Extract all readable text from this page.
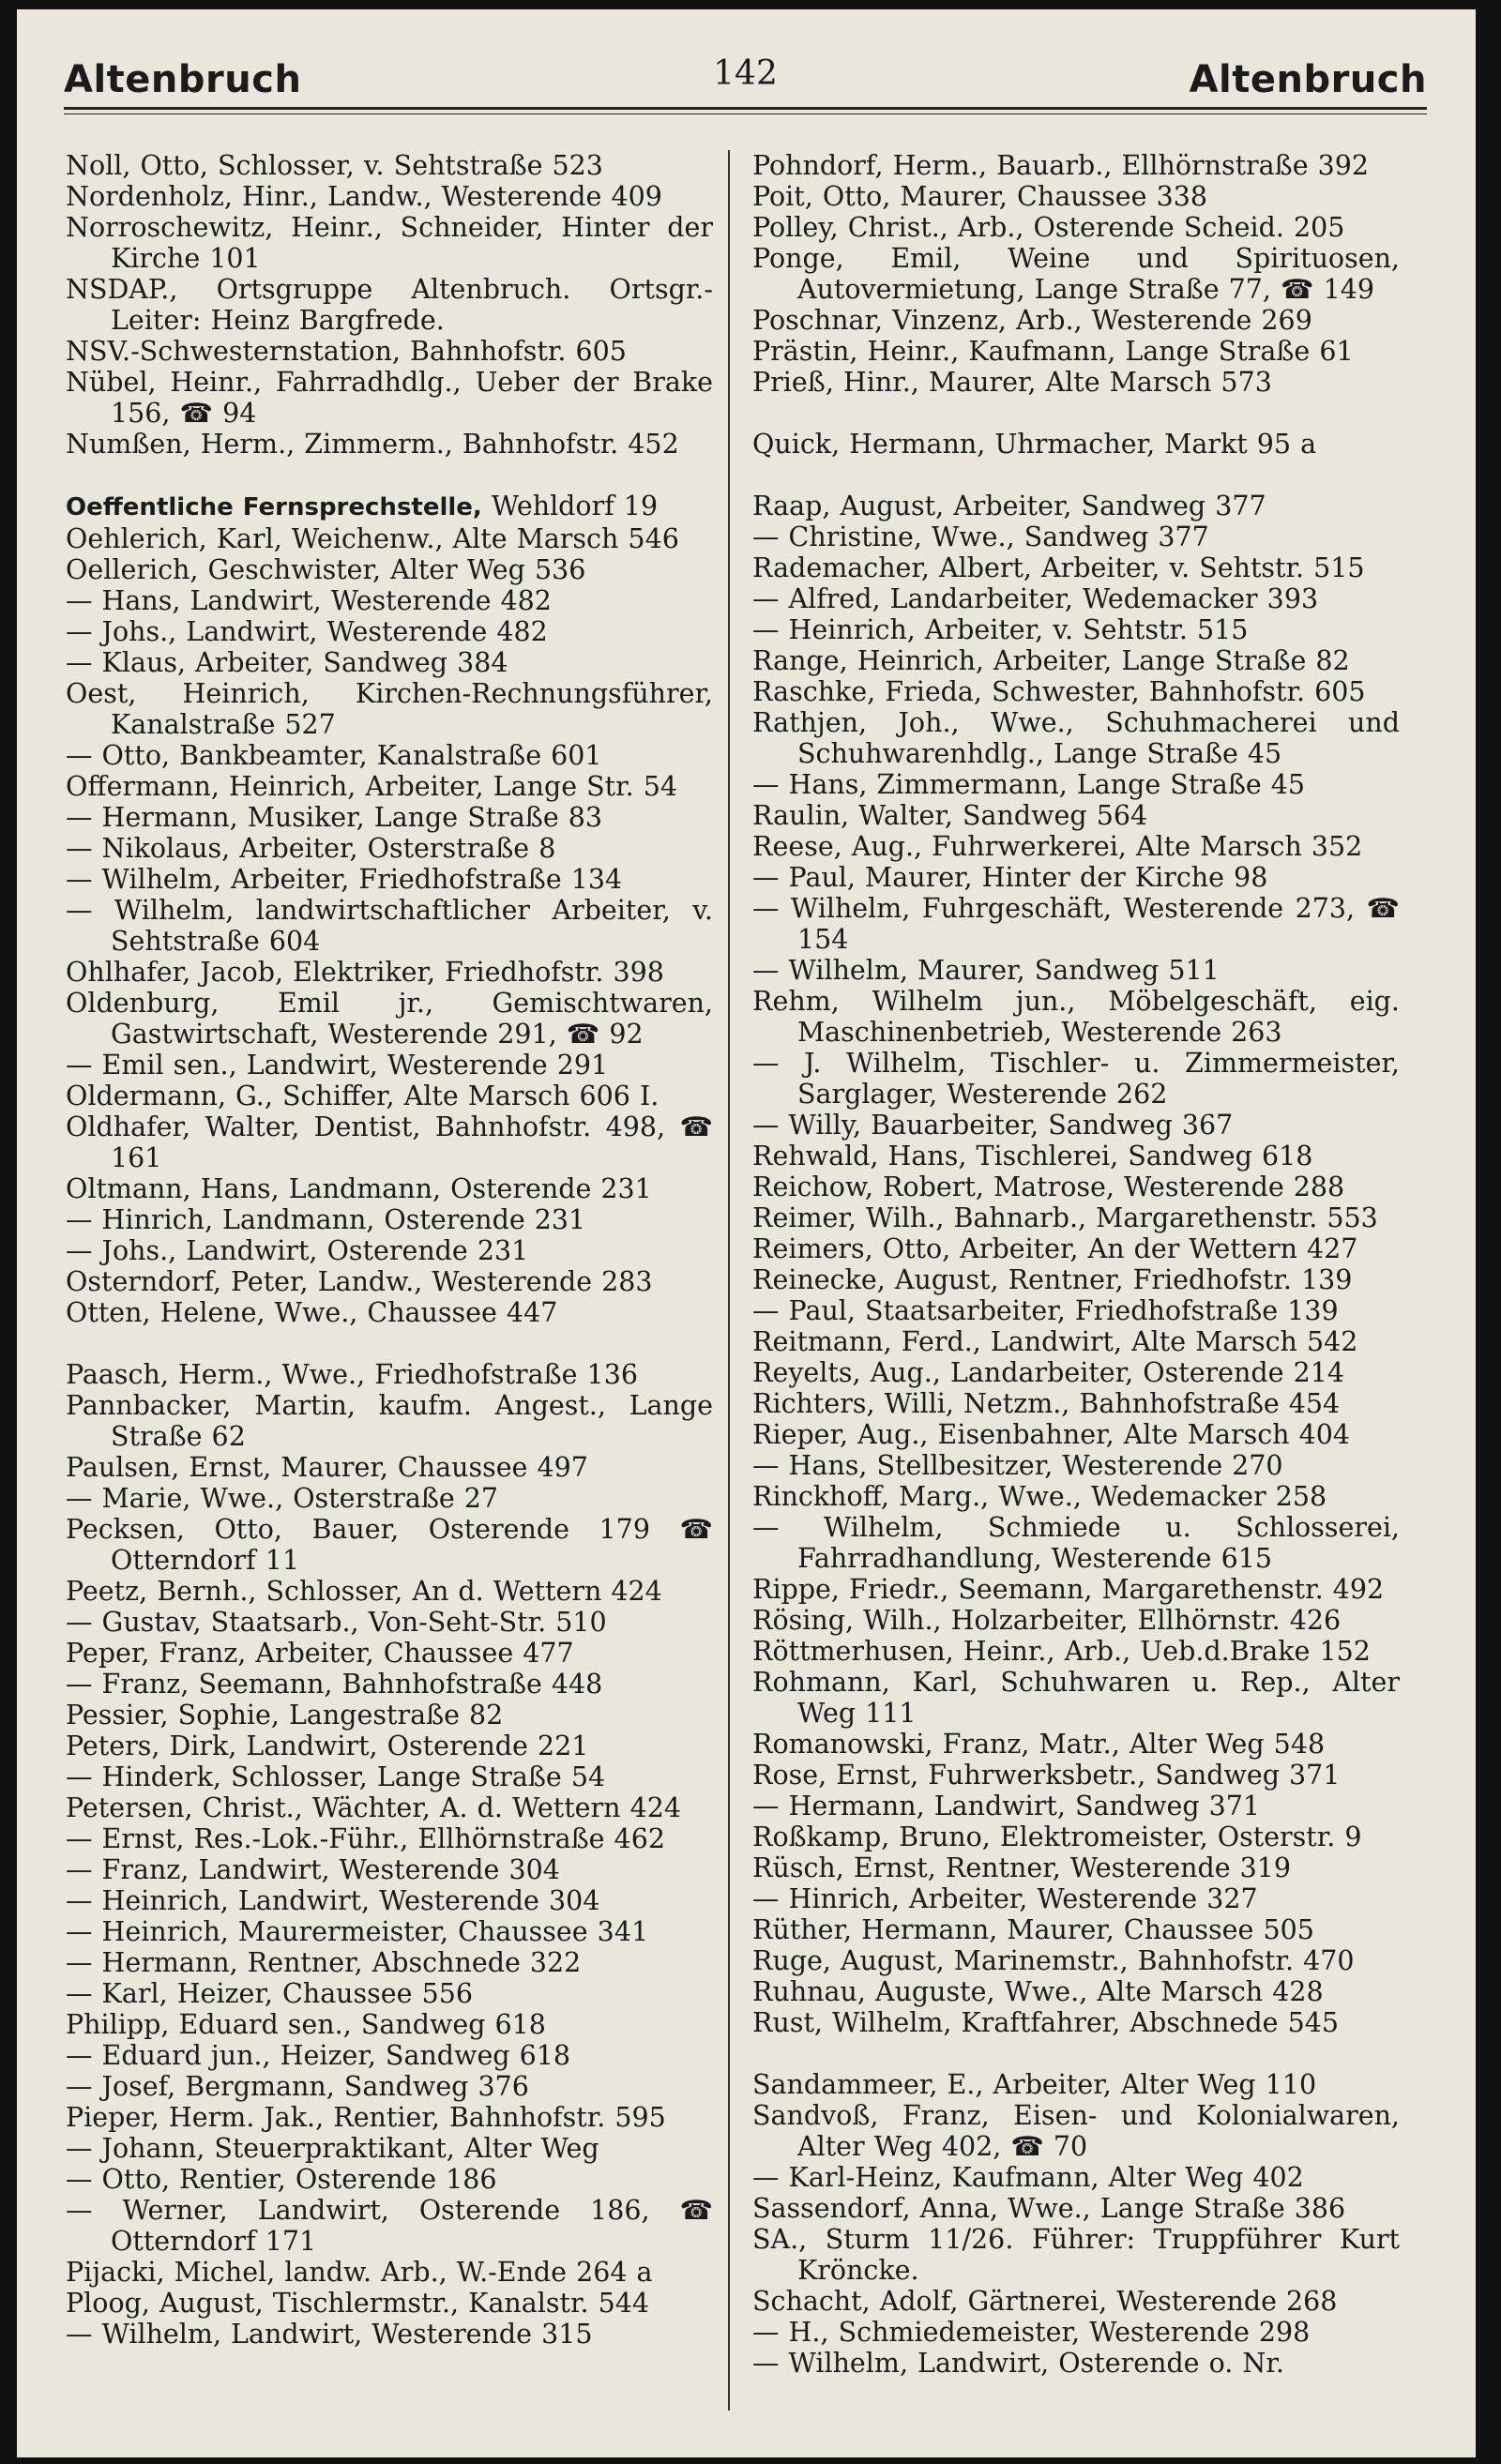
Altenbruch	142	Altenbruch
Noll, Otto, Schlosser, v. Sehtstraße 523
Nordenholz, Hinr., Landw., Westerende 409
Norroschewitz, Heinr., Schneider, Hinter der Kirche 101
NSDAP., Ortsgruppe Altenbruch. Ortsgr.-Leiter: Heinz Bargfrede.
NSV.-Schwesternstation, Bahnhofstr. 605
Nübel, Heinr., Fahrradhdlg., Ueber der Brake 156, ☎ 94
Numßen, Herm., Zimmerm., Bahnhofstr. 452
Oeffentliche Fernsprechstelle, Wehldorf 19
Oehlerich, Karl, Weichenw., Alte Marsch 546
Oellerich, Geschwister, Alter Weg 536
— Hans, Landwirt, Westerende 482
— Johs., Landwirt, Westerende 482
— Klaus, Arbeiter, Sandweg 384
Oest, Heinrich, Kirchen-Rechnungsführer, Kanalstraße 527
— Otto, Bankbeamter, Kanalstraße 601
Offermann, Heinrich, Arbeiter, Lange Str. 54
— Hermann, Musiker, Lange Straße 83
— Nikolaus, Arbeiter, Osterstraße 8
— Wilhelm, Arbeiter, Friedhofstraße 134
— Wilhelm, landwirtschaftlicher Arbeiter, v. Sehtstraße 604
Ohlhafer, Jacob, Elektriker, Friedhofstr. 398
Oldenburg, Emil jr., Gemischtwaren, Gastwirtschaft, Westerende 291, ☎ 92
— Emil sen., Landwirt, Westerende 291
Oldermann, G., Schiffer, Alte Marsch 606 I.
Oldhafer, Walter, Dentist, Bahnhofstr. 498, ☎ 161
Oltmann, Hans, Landmann, Osterende 231
— Hinrich, Landmann, Osterende 231
— Johs., Landwirt, Osterende 231
Osterndorf, Peter, Landw., Westerende 283
Otten, Helene, Wwe., Chaussee 447
Paasch, Herm., Wwe., Friedhofstraße 136
Pannbacker, Martin, kaufm. Angest., Lange Straße 62
Paulsen, Ernst, Maurer, Chaussee 497
— Marie, Wwe., Osterstraße 27
Pecksen, Otto, Bauer, Osterende 179 ☎ Otterndorf 11
Peetz, Bernh., Schlosser, An d. Wettern 424
— Gustav, Staatsarb., Von-Seht-Str. 510
Peper, Franz, Arbeiter, Chaussee 477
— Franz, Seemann, Bahnhofstraße 448
Pessier, Sophie, Langestraße 82
Peters, Dirk, Landwirt, Osterende 221
— Hinderk, Schlosser, Lange Straße 54
Petersen, Christ., Wächter, A. d. Wettern 424
— Ernst, Res.-Lok.-Führ., Ellhörnstraße 462
— Franz, Landwirt, Westerende 304
— Heinrich, Landwirt, Westerende 304
— Heinrich, Maurermeister, Chaussee 341
— Hermann, Rentner, Abschnede 322
— Karl, Heizer, Chaussee 556
Philipp, Eduard sen., Sandweg 618
— Eduard jun., Heizer, Sandweg 618
— Josef, Bergmann, Sandweg 376
Pieper, Herm. Jak., Rentier, Bahnhofstr. 595
— Johann, Steuerpraktikant, Alter Weg
— Otto, Rentier, Osterende 186
— Werner, Landwirt, Osterende 186, ☎ Otterndorf 171
Pijacki, Michel, landw. Arb., W.-Ende 264 a
Ploog, August, Tischlermstr., Kanalstr. 544
— Wilhelm, Landwirt, Westerende 315
Pohndorf, Herm., Bauarb., Ellhörnstraße 392
Poit, Otto, Maurer, Chaussee 338
Polley, Christ., Arb., Osterende Scheid. 205
Ponge, Emil, Weine und Spirituosen, Autovermietung, Lange Straße 77, ☎ 149
Poschnar, Vinzenz, Arb., Westerende 269
Prästin, Heinr., Kaufmann, Lange Straße 61
Prieß, Hinr., Maurer, Alte Marsch 573
Quick, Hermann, Uhrmacher, Markt 95 a
Raap, August, Arbeiter, Sandweg 377
— Christine, Wwe., Sandweg 377
Rademacher, Albert, Arbeiter, v. Sehtstr. 515
— Alfred, Landarbeiter, Wedemacker 393
— Heinrich, Arbeiter, v. Sehtstr. 515
Range, Heinrich, Arbeiter, Lange Straße 82
Raschke, Frieda, Schwester, Bahnhofstr. 605
Rathjen, Joh., Wwe., Schuhmacherei und Schuhwarenhdlg., Lange Straße 45
— Hans, Zimmermann, Lange Straße 45
Raulin, Walter, Sandweg 564
Reese, Aug., Fuhrwerkerei, Alte Marsch 352
— Paul, Maurer, Hinter der Kirche 98
— Wilhelm, Fuhrgeschäft, Westerende 273, ☎ 154
— Wilhelm, Maurer, Sandweg 511
Rehm, Wilhelm jun., Möbelgeschäft, eig. Maschinenbetrieb, Westerende 263
— J. Wilhelm, Tischler- u. Zimmermeister, Sarglager, Westerende 262
— Willy, Bauarbeiter, Sandweg 367
Rehwald, Hans, Tischlerei, Sandweg 618
Reichow, Robert, Matrose, Westerende 288
Reimer, Wilh., Bahnarb., Margarethenstr. 553
Reimers, Otto, Arbeiter, An der Wettern 427
Reinecke, August, Rentner, Friedhofstr. 139
— Paul, Staatsarbeiter, Friedhofstraße 139
Reitmann, Ferd., Landwirt, Alte Marsch 542
Reyelts, Aug., Landarbeiter, Osterende 214
Richters, Willi, Netzm., Bahnhofstraße 454
Rieper, Aug., Eisenbahner, Alte Marsch 404
— Hans, Stellbesitzer, Westerende 270
Rinckhoff, Marg., Wwe., Wedemacker 258
— Wilhelm, Schmiede u. Schlosserei, Fahrradhandlung, Westerende 615
Rippe, Friedr., Seemann, Margarethenstr. 492
Rösing, Wilh., Holzarbeiter, Ellhörnstr. 426
Röttmerhusen, Heinr., Arb., Ueb.d.Brake 152
Rohmann, Karl, Schuhwaren u. Rep., Alter Weg 111
Romanowski, Franz, Matr., Alter Weg 548
Rose, Ernst, Fuhrwerksbetr., Sandweg 371
— Hermann, Landwirt, Sandweg 371
Roßkamp, Bruno, Elektromeister, Osterstr. 9
Rüsch, Ernst, Rentner, Westerende 319
— Hinrich, Arbeiter, Westerende 327
Rüther, Hermann, Maurer, Chaussee 505
Ruge, August, Marinemstr., Bahnhofstr. 470
Ruhnau, Auguste, Wwe., Alte Marsch 428
Rust, Wilhelm, Kraftfahrer, Abschnede 545
Sandammeer, E., Arbeiter, Alter Weg 110
Sandvoß, Franz, Eisen- und Kolonialwaren, Alter Weg 402, ☎ 70
— Karl-Heinz, Kaufmann, Alter Weg 402
Sassendorf, Anna, Wwe., Lange Straße 386
SA., Sturm 11/26. Führer: Truppführer Kurt Kröncke.
Schacht, Adolf, Gärtnerei, Westerende 268
— H., Schmiedemeister, Westerende 298
— Wilhelm, Landwirt, Osterende o. Nr.
